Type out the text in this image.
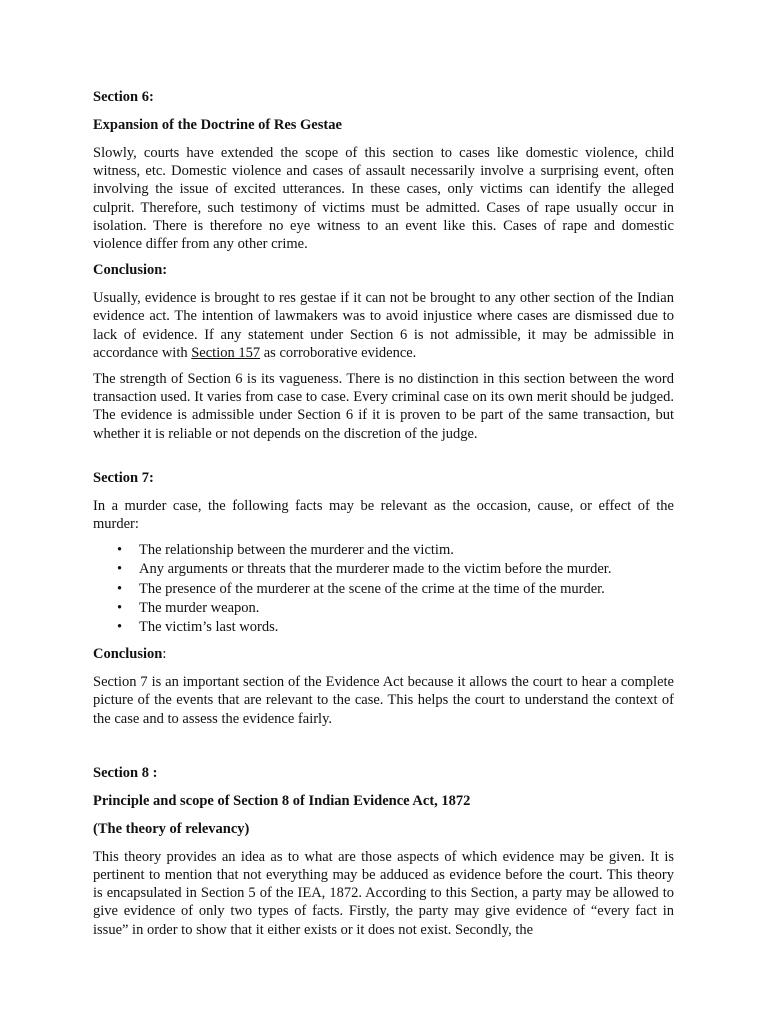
Section 6:
Expansion of the Doctrine of Res Gestae

Slowly, courts have extended the scope of this section to cases like domestic violence, child witness, etc. Domestic violence and cases of assault necessarily involve a surprising event, often involving the issue of excited utterances. In these cases, only victims can identify the alleged culprit. Therefore, such testimony of victims must be admitted. Cases of rape usually occur in isolation. There is therefore no eye witness to an event like this. Cases of rape and domestic violence differ from any other crime.

Conclusion:

Usually, evidence is brought to res gestae if it can not be brought to any other section of the Indian evidence act. The intention of lawmakers was to avoid injustice where cases are dismissed due to lack of evidence. If any statement under Section 6 is not admissible, it may be admissible in accordance with Section 157 as corroborative evidence.

The strength of Section 6 is its vagueness. There is no distinction in this section between the word transaction used. It varies from case to case. Every criminal case on its own merit should be judged. The evidence is admissible under Section 6 if it is proven to be part of the same transaction, but whether it is reliable or not depends on the discretion of the judge.

Section 7:

In a murder case, the following facts may be relevant as the occasion, cause, or effect of the murder:

• The relationship between the murderer and the victim.
• Any arguments or threats that the murderer made to the victim before the murder.
• The presence of the murderer at the scene of the crime at the time of the murder.
• The murder weapon.
• The victim’s last words.
Conclusion:

Section 7 is an important section of the Evidence Act because it allows the court to hear a complete picture of the events that are relevant to the case. This helps the court to understand the context of the case and to assess the evidence fairly.

Section 8 :
Principle and scope of Section 8 of Indian Evidence Act, 1872
(The theory of relevancy)

This theory provides an idea as to what are those aspects of which evidence may be given. It is pertinent to mention that not everything may be adduced as evidence before the court. This theory is encapsulated in Section 5 of the IEA, 1872. According to this Section, a party may be allowed to give evidence of only two types of facts. Firstly, the party may give evidence of “every fact in issue” in order to show that it either exists or it does not exist. Secondly, the
